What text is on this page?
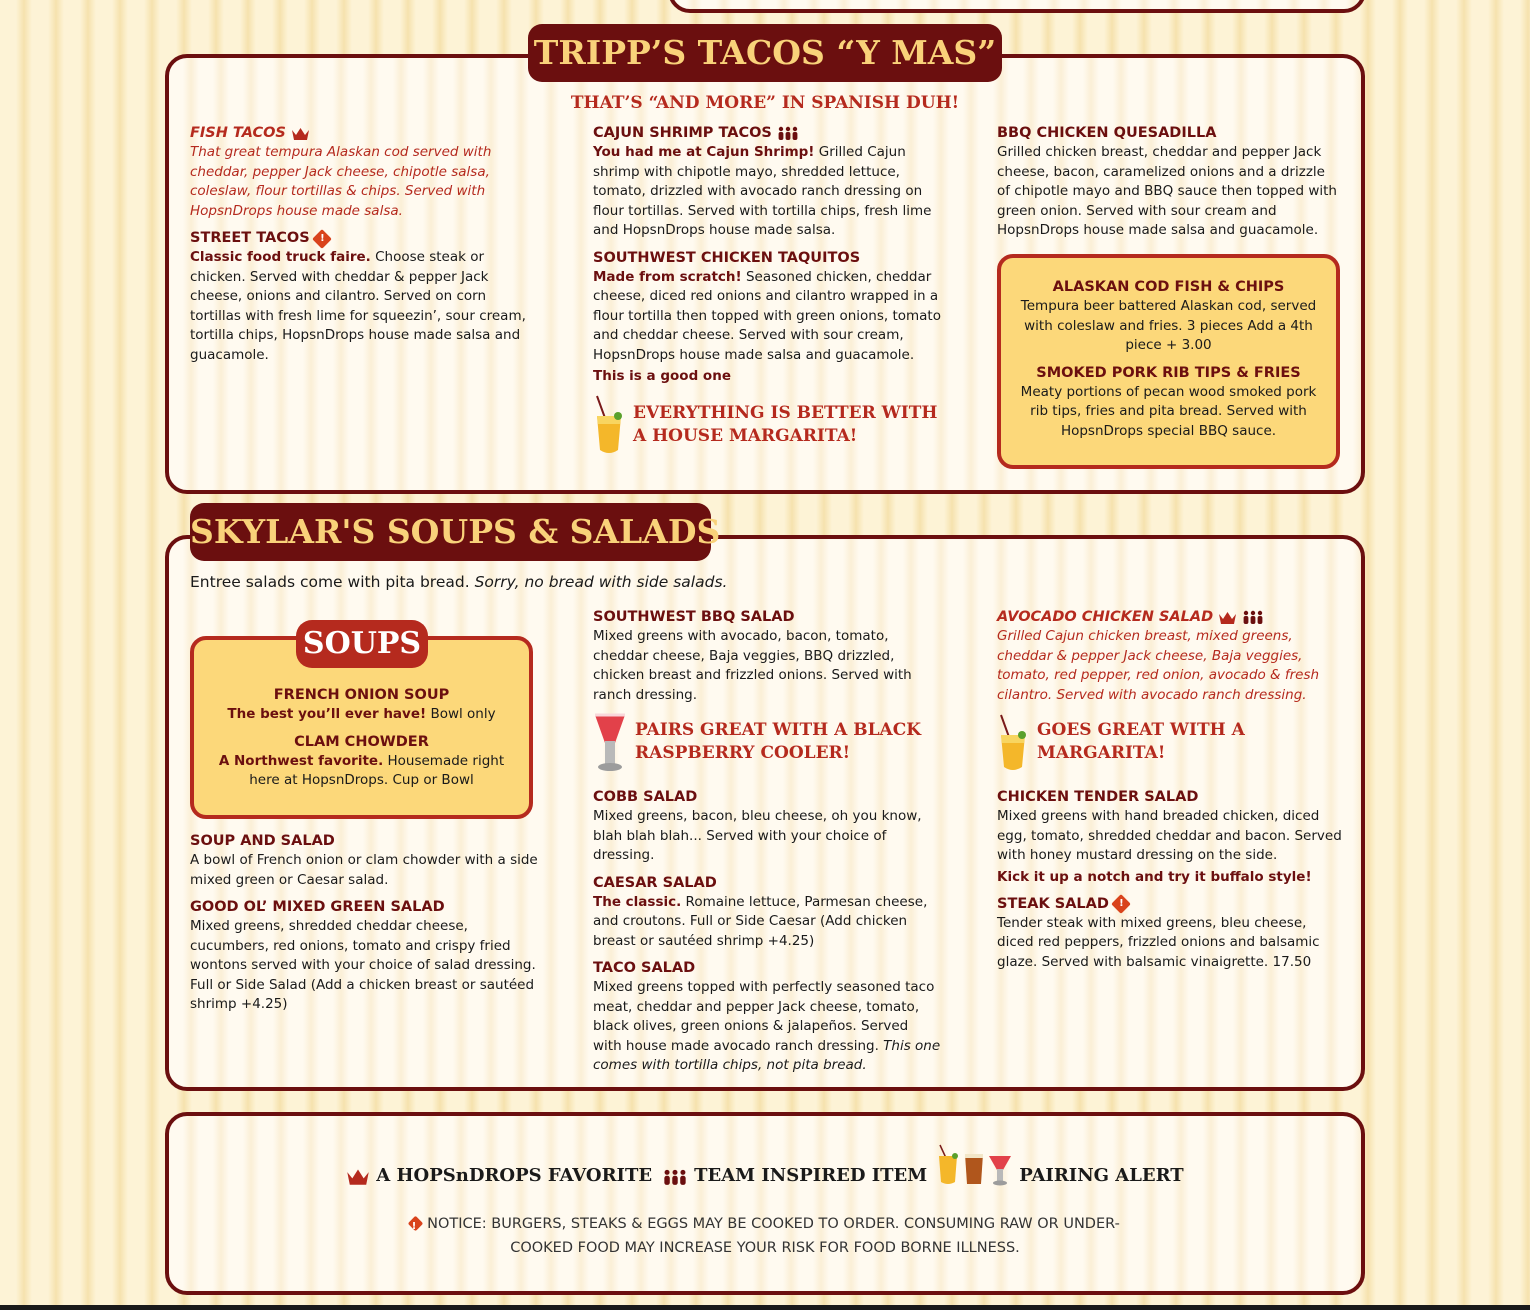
TRIPP’S TACOS “Y MAS”
THAT’S “AND MORE” IN SPANISH DUH!
FISH TACOS
That great tempura Alaskan cod served with cheddar, pepper Jack cheese, chipotle salsa, coleslaw, flour tortillas & chips. Served with HopsnDrops house made salsa.
STREET TACOS
!
Classic food truck faire. Choose steak or chicken. Served with cheddar & pepper Jack cheese, onions and cilantro. Served on corn tortillas with fresh lime for squeezin’, sour cream, tortilla chips, HopsnDrops house made salsa and guacamole.
CAJUN SHRIMP TACOS
You had me at Cajun Shrimp! Grilled Cajun shrimp with chipotle mayo, shredded lettuce, tomato, drizzled with avocado ranch dressing on flour tortillas. Served with tortilla chips, fresh lime and HopsnDrops house made salsa.
SOUTHWEST CHICKEN TAQUITOS
Made from scratch! Seasoned chicken, cheddar cheese, diced red onions and cilantro wrapped in a flour tortilla then topped with green onions, tomato and cheddar cheese. Served with sour cream, HopsnDrops house made salsa and guacamole.
This is a good one
EVERYTHING IS BETTER WITH A HOUSE MARGARITA!
BBQ CHICKEN QUESADILLA
Grilled chicken breast, cheddar and pepper Jack cheese, bacon, caramelized onions and a drizzle of chipotle mayo and BBQ sauce then topped with green onion. Served with sour cream and HopsnDrops house made salsa and guacamole.
ALASKAN COD FISH & CHIPS
Tempura beer battered Alaskan cod, served with coleslaw and fries. 3 pieces Add a 4th piece + 3.00
SMOKED PORK RIB TIPS & FRIES
Meaty portions of pecan wood smoked pork rib tips, fries and pita bread. Served with HopsnDrops special BBQ sauce.
SKYLAR'S SOUPS & SALADS
Entree salads come with pita bread. Sorry, no bread with side salads.
FRENCH ONION SOUP
The best you’ll ever have! Bowl only
CLAM CHOWDER
A Northwest favorite. Housemade right here at HopsnDrops. Cup or Bowl
SOUPS
SOUP AND SALAD
A bowl of French onion or clam chowder with a side mixed green or Caesar salad.
GOOD OL’ MIXED GREEN SALAD
Mixed greens, shredded cheddar cheese, cucumbers, red onions, tomato and crispy fried wontons served with your choice of salad dressing. Full or Side Salad (Add a chicken breast or sautéed shrimp +4.25)
SOUTHWEST BBQ SALAD
Mixed greens with avocado, bacon, tomato, cheddar cheese, Baja veggies, BBQ drizzled, chicken breast and frizzled onions. Served with ranch dressing.
PAIRS GREAT WITH A BLACK RASPBERRY COOLER!
COBB SALAD
Mixed greens, bacon, bleu cheese, oh you know, blah blah blah... Served with your choice of dressing.
CAESAR SALAD
The classic. Romaine lettuce, Parmesan cheese, and croutons. Full or Side Caesar (Add chicken breast or sautéed shrimp +4.25)
TACO SALAD
Mixed greens topped with perfectly seasoned taco meat, cheddar and pepper Jack cheese, tomato, black olives, green onions & jalapeños. Served with house made avocado ranch dressing. This one comes with tortilla chips, not pita bread.
AVOCADO CHICKEN SALAD
Grilled Cajun chicken breast, mixed greens, cheddar & pepper Jack cheese, Baja veggies, tomato, red pepper, red onion, avocado & fresh cilantro. Served with avocado ranch dressing.
GOES GREAT WITH A MARGARITA!
CHICKEN TENDER SALAD
Mixed greens with hand breaded chicken, diced egg, tomato, shredded cheddar and bacon. Served with honey mustard dressing on the side.
Kick it up a notch and try it buffalo style!
STEAK SALAD
!
Tender steak with mixed greens, bleu cheese, diced red peppers, frizzled onions and balsamic glaze. Served with balsamic vinaigrette. 17.50
A HOPSnDROPS FAVORITE TEAM INSPIRED ITEM	PAIRING ALERT
!NOTICE: BURGERS, STEAKS & EGGS MAY BE COOKED TO ORDER. CONSUMING RAW OR UNDER-COOKED FOOD MAY INCREASE YOUR RISK FOR FOOD BORNE ILLNESS.
